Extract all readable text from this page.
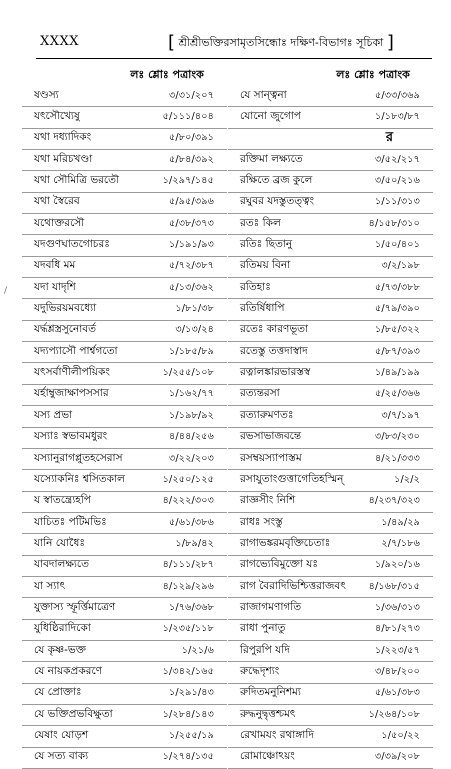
XXXX	[ শ্রীশ্রীভক্তিরসামৃতসিন্ধোঃ দক্ষিণ-বিভাগঃ সূচিকা ]
লঃ শ্লোঃ পত্রাংক	লঃ শ্লোঃ পত্রাংক
/
ষণ্ডস্য	৩/৩১/২০৭
যৎসৌখ্যেষু	৫/১১১/৪০৪
যথা দধ্যাদিকং	৫/৮০/৩৯১
যথা মরিচখণ্ডা	৫/৮৪/৩৯২
যথা সৌমিত্রি ভরতৌ	১/২৯৭/১৪৫
যথা স্বৈরেব	৫/৯৫/৩৯৬
যথোক্তরসৌ	৫/৩৮/৩৭৩
যদগুণঘাতগোচরঃ	১/১৯১/৯৩
যদবধি মম	৫/৭২/৩৮৭
যদা যাদৃশি	৫/১৩/৩৬২
যদুভিরয়মবধ্যো	১/৮১/৩৮
যর্দ্ধশ্লস্ত্রসুনোবর্ত	৩/১৩/২৪
যদ্যপ্যাসৌ পার্শ্বগতো	১/১৮৫/৮৯
যৎসর্বাণীলীপয়িকং	১/২৫৫/১০৮
যর্হাম্বুজাক্ষাপসসার	১/১৬২/৭৭
যস্য প্রভা	১/১৯৮/৯২
যস্যাঃ স্বভাবমধুরং	৪/৪৪/২৫৬
যস্যানুরাগপ্লুতহসেরাস	৩/২২/২০৩
যস্যোকনিঃ শ্বসিতকাল	১/২৫০/১২৫
য স্বাতন্ত্র্যেহপি	৪/২২২/৩০৩
যাচিতঃ পটিমভিঃ	৫/৬১/৩৮৬
যানি যোধৈঃ	১/৮৯/৪২
যাবদালক্ষ্যতে	৪/১১১/২৮৭
যা স্যাৎ	৪/১২৯/২৯৬
যুক্তাস্য স্ফূর্ত্তিমাত্রেণ	১/৭৬/৩৬৮
যুধিষ্ঠিরাদিকো	১/২৩৫/১১৮
যে কৃষ্ণ-ভক্ত	১/২১/৬
যে নায়কপ্রকরণে	১/৩৪২/১৬৫
যে প্রোক্তাঃ	১/২৯১/৪৩
যে ভক্তিপ্রভবিক্ষুতা	১/২৮৪/১৪৩
যেষাং যোড়শ	১/২৫৫/১৯
যে সত্য বাক্য	১/২৭৪/১৩৫
যে সান্ত্বনা	৫/৩৩/৩৬৯
যোনো জুগোপ	১/১৮৩/৮৭
র
রক্তিমা লক্ষ্যতে	৩/৫২/২১৭
রক্ষিতে ব্রজ কুলে	৩/৫০/২১৬
রঘুবর যদস্তুতত্ত্বং	১/১১/৩১৩
রতঃ কিল	৪/১৫৮/৩১০
রতিঃ ছিতানু	১/৫০/৪০১
রতিময় বিনা	৩/২/১৯৮
রতিহাঃ	৫/৭৩/৩৮৮
রতির্ষিধাপি	৫/৭৯/৩৯০
রতেঃ কারণভূতা	১/৮৫/৩২২
রতেস্তু তত্তদাস্বাদ	৫/৮৭/৩৯৩
রত্নালঙ্কারভারস্তস্ব	১/৪৯/১৯৯
রত্যন্তরসা	৫/২৫/৩৬৬
রত্যারুমণতঃ	৩/৭/১৯৭
রভসাভাজবন্তে	৩/৮৩/২৩০
রসম্বয়স্যাপাস্তম	৪/২১/৩৩৩
রসাযুতাংগুত্তাগেতিহস্মিন্	১/২/২
রাজ্ঞসীং নিশি	৪/২৩৭/৩২৩
রাধঃ সংস্তু	১/৪৯/২৯
রাগাভঙ্করমবৃক্তিচেতাঃ	২/৭/১৮৬
রাগভ্যেবিমুক্তো যঃ	১/৯২০/১৬
রাগ বৈরাদিভিশ্চিত্তরাজবৎ	৪/১৬৮/৩১৫
রাজাগমণাগতি	১/৩৬/৩১৩
রাধা পুনাতু	৪/৮১/২৭৩
রিপুরপি যদি	১/২২৩/৫৭
রুদ্ধেদৃশ্যং	৩/৪৮/২০০
রুদিতমনুনিশম্য	৫/৬১/৩৮৩
রুদ্ধনুদ্বৃত্তশ্চমৎ	১/২৬৪/১০৮
রেখামযং রথাঙ্গাদি	১/৫০/২২
রোমাঞ্চোঽয়ং	৩/৩৯/২০৮
